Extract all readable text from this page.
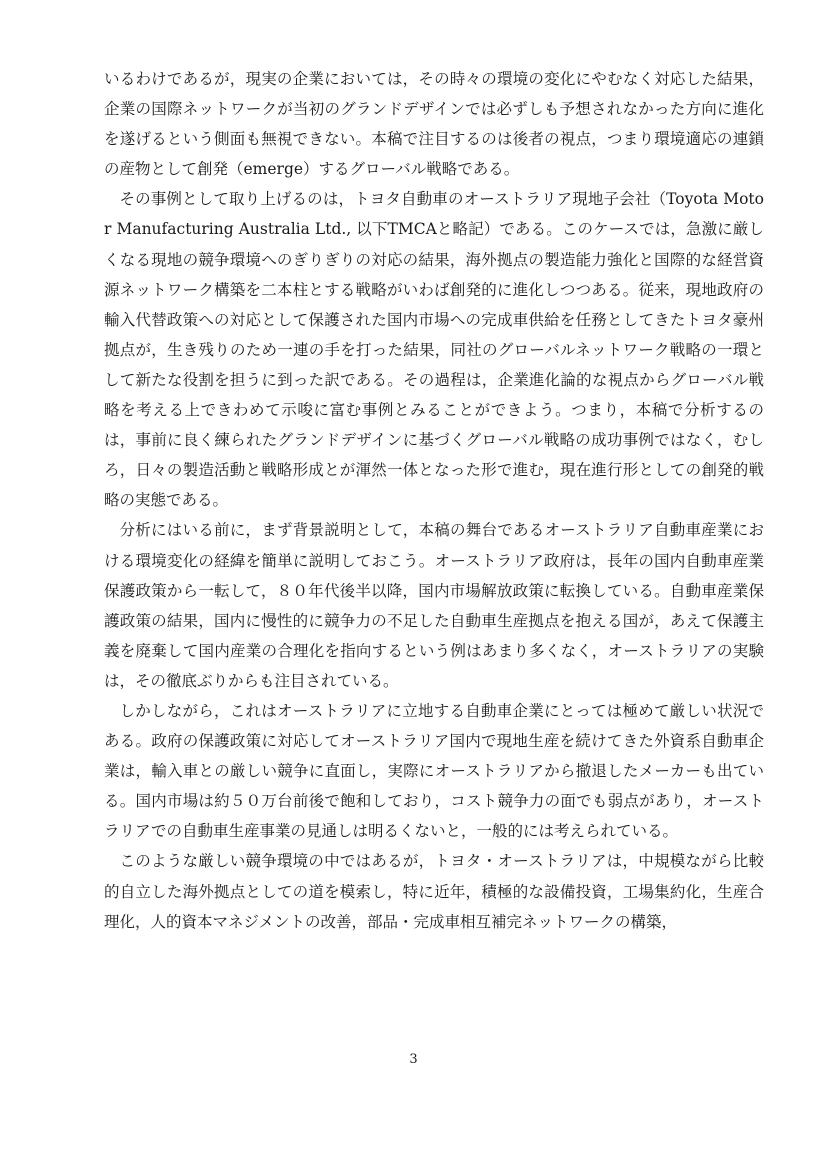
いるわけであるが，現実の企業においては，その時々の環境の変化にやむなく対応した結果，企業の国際ネットワークが当初のグランドデザインでは必ずしも予想されなかった方向に進化を遂げるという側面も無視できない。本稿で注目するのは後者の視点，つまり環境適応の連鎖の産物として創発（emerge）するグローバル戦略である。

その事例として取り上げるのは，トヨタ自動車のオーストラリア現地子会社（Toyota Motor Manufacturing Australia Ltd., 以下TMCAと略記）である。このケースでは，急激に厳しくなる現地の競争環境へのぎりぎりの対応の結果，海外拠点の製造能力強化と国際的な経営資源ネットワーク構築を二本柱とする戦略がいわば創発的に進化しつつある。従来，現地政府の輸入代替政策への対応として保護された国内市場への完成車供給を任務としてきたトヨタ豪州拠点が，生き残りのため一連の手を打った結果，同社のグローバルネットワーク戦略の一環として新たな役割を担うに到った訳である。その過程は，企業進化論的な視点からグローバル戦略を考える上できわめて示唆に富む事例とみることができよう。つまり，本稿で分析するのは，事前に良く練られたグランドデザインに基づくグローバル戦略の成功事例ではなく，むしろ，日々の製造活動と戦略形成とが渾然一体となった形で進む，現在進行形としての創発的戦略の実態である。

分析にはいる前に，まず背景説明として，本稿の舞台であるオーストラリア自動車産業における環境変化の経緯を簡単に説明しておこう。オーストラリア政府は，長年の国内自動車産業保護政策から一転して，８０年代後半以降，国内市場解放政策に転換している。自動車産業保護政策の結果，国内に慢性的に競争力の不足した自動車生産拠点を抱える国が，あえて保護主義を廃棄して国内産業の合理化を指向するという例はあまり多くなく，オーストラリアの実験は，その徹底ぶりからも注目されている。

しかしながら，これはオーストラリアに立地する自動車企業にとっては極めて厳しい状況である。政府の保護政策に対応してオーストラリア国内で現地生産を続けてきた外資系自動車企業は，輸入車との厳しい競争に直面し，実際にオーストラリアから撤退したメーカーも出ている。国内市場は約５０万台前後で飽和しており，コスト競争力の面でも弱点があり，オーストラリアでの自動車生産事業の見通しは明るくないと，一般的には考えられている。

このような厳しい競争環境の中ではあるが，トヨタ・オーストラリアは，中規模ながら比較的自立した海外拠点としての道を模索し，特に近年，積極的な設備投資，工場集約化，生産合理化，人的資本マネジメントの改善，部品・完成車相互補完ネットワークの構築，

3
